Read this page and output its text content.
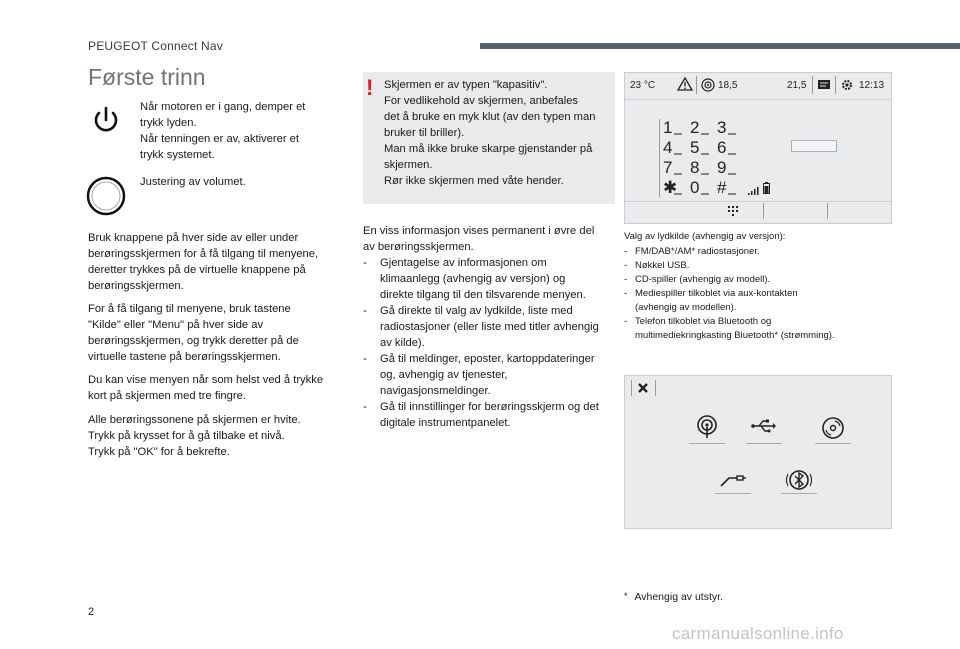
PEUGEOT Connect Nav
Første trinn

Når motoren er i gang, demper et
trykk lyden.
Når tenningen er av, aktiverer et
trykk systemet.

Justering av volumet.

Bruk knappene på hver side av eller under
berøringsskjermen for å få tilgang til menyene,
deretter trykkes på de virtuelle knappene på
berøringsskjermen.

For å få tilgang til menyene, bruk tastene
"Kilde" eller "Menu" på hver side av
berøringsskjermen, og trykk deretter på de
virtuelle tastene på berøringsskjermen.

Du kan vise menyen når som helst ved å trykke
kort på skjermen med tre fingre.

Alle berøringssonene på skjermen er hvite.
Trykk på krysset for å gå tilbake et nivå.
Trykk på "OK" for å bekrefte.

! Skjermen er av typen "kapasitiv".
For vedlikehold av skjermen, anbefales
det å bruke en myk klut (av den typen man
bruker til briller).
Man må ikke bruke skarpe gjenstander på
skjermen.
Rør ikke skjermen med våte hender.

En viss informasjon vises permanent i øvre del
av berøringsskjermen.

- Gjentagelse av informasjonen om
klimaanlegg (avhengig av versjon) og
direkte tilgang til den tilsvarende menyen.
- Gå direkte til valg av lydkilde, liste med
radiostasjoner (eller liste med titler avhengig
av kilde).
- Gå til meldinger, eposter, kartoppdateringer
og, avhengig av tjenester,
navigasjonsmeldinger.
- Gå til innstillinger for berøringsskjerm og det
digitale instrumentpanelet.
23 °C	18,5	21,5	12:13
1 2 3
4 5 6
7 8 9
✱ 0 #

Valg av lydkilde (avhengig av versjon):

- FM/DAB*/AM* radiostasjoner.
- Nøkkel USB.
- CD-spiller (avhengig av modell).
- Mediespiller tilkoblet via aux-kontakten
(avhengig av modellen).
- Telefon tilkoblet via Bluetooth og
multimediekringkasting Bluetooth* (strømming).
* Avhengig av utstyr.
2
carmanualsonline.info
